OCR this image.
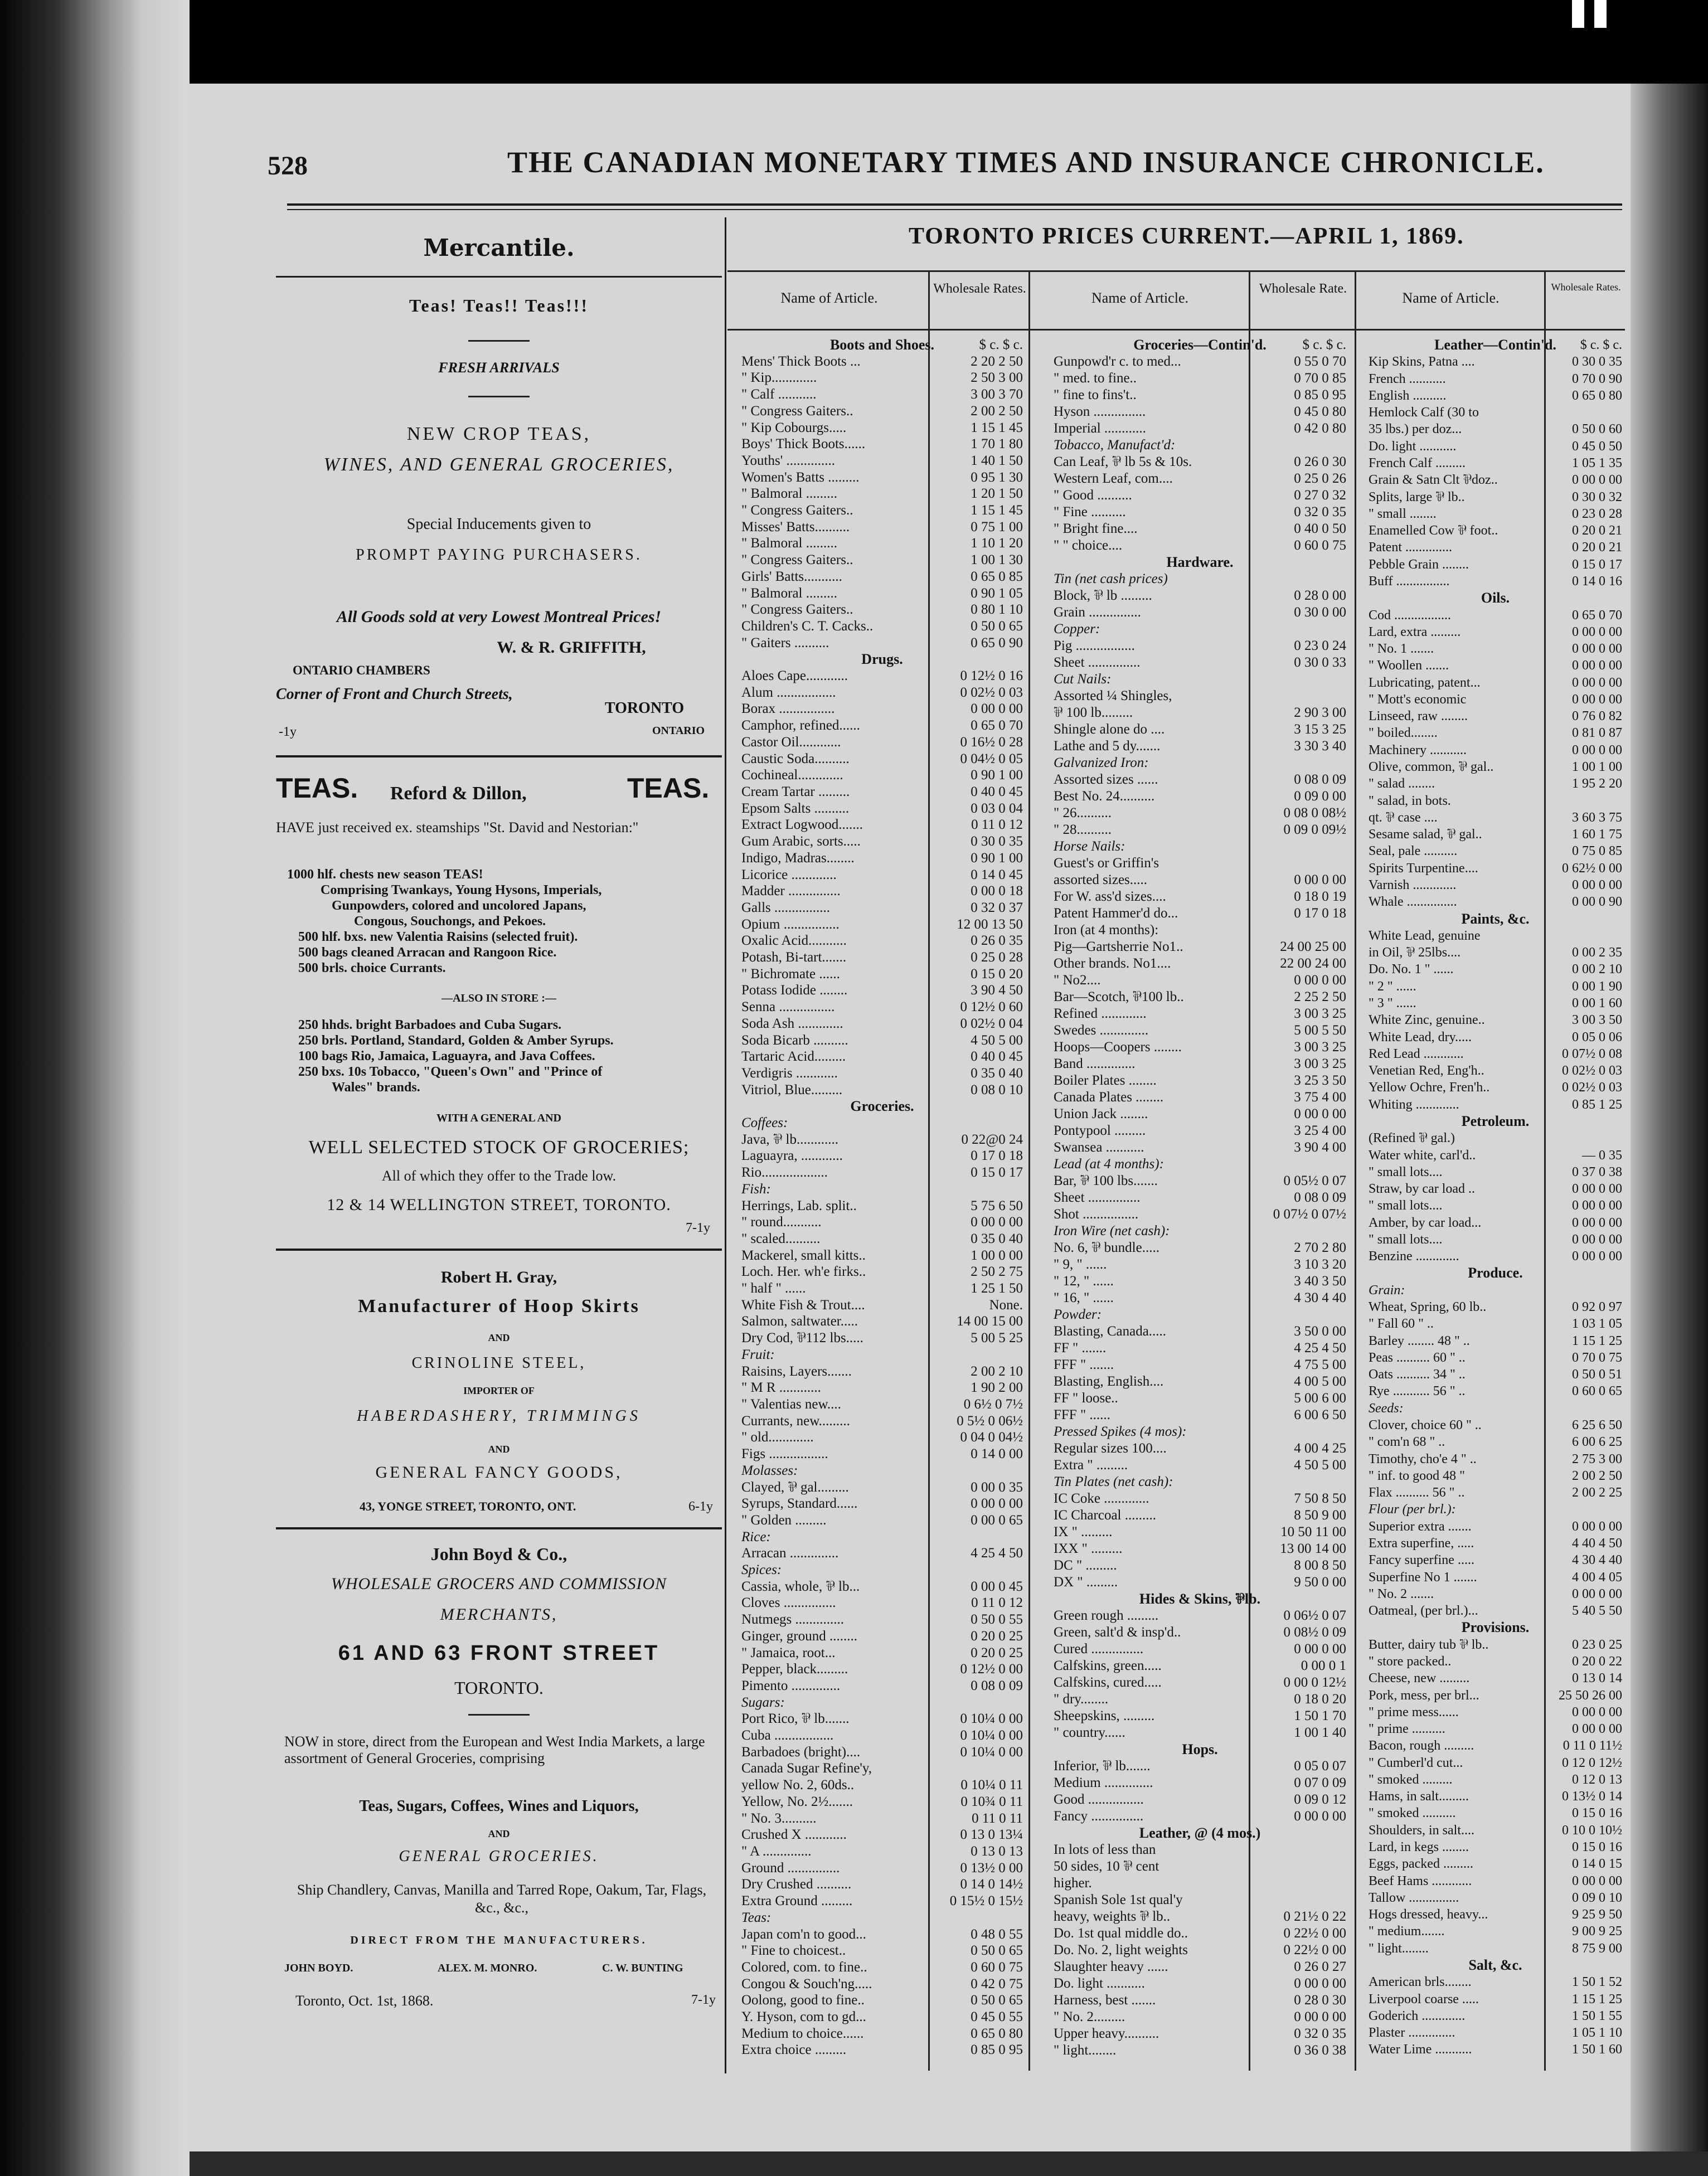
528	THE CANADIAN MONETARY TIMES AND INSURANCE CHRONICLE.
Mercantile.
Teas! Teas!! Teas!!!
FRESH ARRIVALS
NEW CROP TEAS,
WINES, AND GENERAL GROCERIES,
Special Inducements given to
PROMPT PAYING PURCHASERS.
All Goods sold at very Lowest Montreal Prices!
W. & R. GRIFFITH,
ONTARIO CHAMBERS
Corner of Front and Church Streets,
TORONTO
-1y	ONTARIO
TEAS. Reford & Dillon,	TEAS.
HAVE just received ex. steamships "St. David and Nestorian:"
1000 hlf. chests new season TEAS!
Comprising Twankays, Young Hysons, Imperials,
Gunpowders, colored and uncolored Japans,
Congous, Souchongs, and Pekoes.
500 hlf. bxs. new Valentia Raisins (selected fruit).
500 bags cleaned Arracan and Rangoon Rice.
500 brls. choice Currants.
—ALSO IN STORE :—
250 hhds. bright Barbadoes and Cuba Sugars.
250 brls. Portland, Standard, Golden & Amber Syrups.
100 bags Rio, Jamaica, Laguayra, and Java Coffees.
250 bxs. 10s Tobacco, "Queen's Own" and "Prince of
Wales" brands.
WITH A GENERAL AND
WELL SELECTED STOCK OF GROCERIES;
All of which they offer to the Trade low.
12 & 14 WELLINGTON STREET, TORONTO.
7-1y
Robert H. Gray,
Manufacturer of Hoop Skirts
AND
CRINOLINE STEEL,
IMPORTER OF
HABERDASHERY, TRIMMINGS
AND
GENERAL FANCY GOODS,
43, YONGE STREET, TORONTO, ONT.	6-1y
John Boyd & Co.,
WHOLESALE GROCERS AND COMMISSION
MERCHANTS,
61 AND 63 FRONT STREET
TORONTO.
NOW in store, direct from the European and West India Markets, a large assortment of General Groceries, comprising
Teas, Sugars, Coffees, Wines and Liquors,
AND
GENERAL GROCERIES.
Ship Chandlery, Canvas, Manilla and Tarred Rope, Oakum, Tar, Flags, &c., &c.,
DIRECT FROM THE MANUFACTURERS.
JOHN BOYD.	ALEX. M. MONRO.	C. W. BUNTING
Toronto, Oct. 1st, 1868.	7-1y
TORONTO PRICES CURRENT.—APRIL 1, 1869.
Name of Article.
Wholesale Rates.
Name of Article.
Wholesale Rate.
Name of Article.
Wholesale Rates.
Boots and Shoes.	$ c. $ c.
Mens' Thick Boots ...	2 20 2 50
" Kip.............	2 50 3 00
" Calf ...........	3 00 3 70
" Congress Gaiters..	2 00 2 50
" Kip Cobourgs.....	1 15 1 45
Boys' Thick Boots......	1 70 1 80
Youths' ..............	1 40 1 50
Women's Batts .........	0 95 1 30
" Balmoral .........	1 20 1 50
" Congress Gaiters..	1 15 1 45
Misses' Batts..........	0 75 1 00
" Balmoral .........	1 10 1 20
" Congress Gaiters..	1 00 1 30
Girls' Batts...........	0 65 0 85
" Balmoral .........	0 90 1 05
" Congress Gaiters..	0 80 1 10
Children's C. T. Cacks..	0 50 0 65
" Gaiters ..........	0 65 0 90
Drugs.
Aloes Cape............	0 12½ 0 16
Alum .................	0 02½ 0 03
Borax ................	0 00 0 00
Camphor, refined......	0 65 0 70
Castor Oil............	0 16½ 0 28
Caustic Soda..........	0 04½ 0 05
Cochineal.............	0 90 1 00
Cream Tartar .........	0 40 0 45
Epsom Salts ..........	0 03 0 04
Extract Logwood.......	0 11 0 12
Gum Arabic, sorts.....	0 30 0 35
Indigo, Madras........	0 90 1 00
Licorice .............	0 14 0 45
Madder ...............	0 00 0 18
Galls ................	0 32 0 37
Opium ................	12 00 13 50
Oxalic Acid...........	0 26 0 35
Potash, Bi-tart.......	0 25 0 28
" Bichromate ......	0 15 0 20
Potass Iodide ........	3 90 4 50
Senna ................	0 12½ 0 60
Soda Ash .............	0 02½ 0 04
Soda Bicarb ..........	4 50 5 00
Tartaric Acid.........	0 40 0 45
Verdigris ............	0 35 0 40
Vitriol, Blue.........	0 08 0 10
Groceries.
Coffees:
Java, ⅌ lb............	0 22@0 24
Laguayra, ............	0 17 0 18
Rio...................	0 15 0 17
Fish:
Herrings, Lab. split..	5 75 6 50
" round...........	0 00 0 00
" scaled..........	0 35 0 40
Mackerel, small kitts..	1 00 0 00
Loch. Her. wh'e firks..	2 50 2 75
" half " ......	1 25 1 50
White Fish & Trout....	None.
Salmon, saltwater.....	14 00 15 00
Dry Cod, ⅌112 lbs.....	5 00 5 25
Fruit:
Raisins, Layers.......	2 00 2 10
" M R ............	1 90 2 00
" Valentias new....	0 6½ 0 7½
Currants, new.........	0 5½ 0 06½
" old.............	0 04 0 04½
Figs .................	0 14 0 00
Molasses:
Clayed, ⅌ gal.........	0 00 0 35
Syrups, Standard......	0 00 0 00
" Golden .........	0 00 0 65
Rice:
Arracan ..............	4 25 4 50
Spices:
Cassia, whole, ⅌ lb...	0 00 0 45
Cloves ...............	0 11 0 12
Nutmegs ..............	0 50 0 55
Ginger, ground ........	0 20 0 25
" Jamaica, root...	0 20 0 25
Pepper, black.........	0 12½ 0 00
Pimento ..............	0 08 0 09
Sugars:
Port Rico, ⅌ lb.......	0 10¼ 0 00
Cuba .................	0 10¼ 0 00
Barbadoes (bright)....	0 10¼ 0 00
Canada Sugar Refine'y,
yellow No. 2, 60ds..	0 10¼ 0 11
Yellow, No. 2½.......	0 10¾ 0 11
" No. 3..........	0 11 0 11
Crushed X ............	0 13 0 13¼
" A ..............	0 13 0 13
Ground ...............	0 13½ 0 00
Dry Crushed ..........	0 14 0 14½
Extra Ground .........	0 15½ 0 15½
Teas:
Japan com'n to good...	0 48 0 55
" Fine to choicest..	0 50 0 65
Colored, com. to fine..	0 60 0 75
Congou & Souch'ng.....	0 42 0 75
Oolong, good to fine..	0 50 0 65
Y. Hyson, com to gd...	0 45 0 55
Medium to choice......	0 65 0 80
Extra choice .........	0 85 0 95
Groceries—Contin'd.	$ c. $ c.
Gunpowd'r c. to med...	0 55 0 70
" med. to fine..	0 70 0 85
" fine to fins't..	0 85 0 95
Hyson ...............	0 45 0 80
Imperial ............	0 42 0 80
Tobacco, Manufact'd:
Can Leaf, ⅌ lb 5s & 10s.	0 26 0 30
Western Leaf, com....	0 25 0 26
" Good ..........	0 27 0 32
" Fine ..........	0 32 0 35
" Bright fine....	0 40 0 50
" " choice....	0 60 0 75
Hardware.
Tin (net cash prices)
Block, ⅌ lb .........	0 28 0 00
Grain ...............	0 30 0 00
Copper:
Pig .................	0 23 0 24
Sheet ...............	0 30 0 33
Cut Nails:
Assorted ¼ Shingles,
⅌ 100 lb.........	2 90 3 00
Shingle alone do ....	3 15 3 25
Lathe and 5 dy.......	3 30 3 40
Galvanized Iron:
Assorted sizes ......	0 08 0 09
Best No. 24..........	0 09 0 00
" 26..........	0 08 0 08½
" 28..........	0 09 0 09½
Horse Nails:
Guest's or Griffin's
assorted sizes.....	0 00 0 00
For W. ass'd sizes....	0 18 0 19
Patent Hammer'd do...	0 17 0 18
Iron (at 4 months):
Pig—Gartsherrie No1..	24 00 25 00
Other brands. No1....	22 00 24 00
" No2....	0 00 0 00
Bar—Scotch, ⅌100 lb..	2 25 2 50
Refined .............	3 00 3 25
Swedes ..............	5 00 5 50
Hoops—Coopers ........	3 00 3 25
Band ..............	3 00 3 25
Boiler Plates ........	3 25 3 50
Canada Plates ........	3 75 4 00
Union Jack ........	0 00 0 00
Pontypool .........	3 25 4 00
Swansea ...........	3 90 4 00
Lead (at 4 months):
Bar, ⅌ 100 lbs.......	0 05½ 0 07
Sheet ...............	0 08 0 09
Shot ................	0 07½ 0 07½
Iron Wire (net cash):
No. 6, ⅌ bundle.....	2 70 2 80
" 9, " ......	3 10 3 20
" 12, " ......	3 40 3 50
" 16, " ......	4 30 4 40
Powder:
Blasting, Canada.....	3 50 0 00
FF " .......	4 25 4 50
FFF " .......	4 75 5 00
Blasting, English....	4 00 5 00
FF " loose..	5 00 6 00
FFF " ......	6 00 6 50
Pressed Spikes (4 mos):
Regular sizes 100....	4 00 4 25
Extra " .........	4 50 5 00
Tin Plates (net cash):
IC Coke .............	7 50 8 50
IC Charcoal .........	8 50 9 00
IX " .........	10 50 11 00
IXX " .........	13 00 14 00
DC " .........	8 00 8 50
DX " .........	9 50 0 00
Hides & Skins, ⅌lb.
Green rough .........	0 06½ 0 07
Green, salt'd & insp'd..	0 08½ 0 09
Cured ...............	0 00 0 00
Calfskins, green.....	0 00 0 1
Calfskins, cured.....	0 00 0 12½
" dry........	0 18 0 20
Sheepskins, .........	1 50 1 70
" country......	1 00 1 40
Hops.
Inferior, ⅌ lb.......	0 05 0 07
Medium ..............	0 07 0 09
Good ................	0 09 0 12
Fancy ...............	0 00 0 00
Leather, @ (4 mos.)
In lots of less than
50 sides, 10 ⅌ cent
higher.
Spanish Sole 1st qual'y
heavy, weights ⅌ lb..	0 21½ 0 22
Do. 1st qual middle do..	0 22½ 0 00
Do. No. 2, light weights	0 22½ 0 00
Slaughter heavy ......	0 26 0 27
Do. light ...........	0 00 0 00
Harness, best .......	0 28 0 30
" No. 2.........	0 00 0 00
Upper heavy..........	0 32 0 35
" light........	0 36 0 38
Leather—Contin'd. $ c. $ c.
Kip Skins, Patna ....	0 30 0 35
French ...........	0 70 0 90
English ..........	0 65 0 80
Hemlock Calf (30 to
35 lbs.) per doz...	0 50 0 60
Do. light ...........	0 45 0 50
French Calf .........	1 05 1 35
Grain & Satn Clt ⅌doz..	0 00 0 00
Splits, large ⅌ lb..	0 30 0 32
" small ........	0 23 0 28
Enamelled Cow ⅌ foot..	0 20 0 21
Patent ..............	0 20 0 21
Pebble Grain ........	0 15 0 17
Buff ................	0 14 0 16
Oils.
Cod .................	0 65 0 70
Lard, extra .........	0 00 0 00
" No. 1 .......	0 00 0 00
" Woollen .......	0 00 0 00
Lubricating, patent...	0 00 0 00
" Mott's economic	0 00 0 00
Linseed, raw ........	0 76 0 82
" boiled........	0 81 0 87
Machinery ...........	0 00 0 00
Olive, common, ⅌ gal..	1 00 1 00
" salad ........	1 95 2 20
" salad, in bots.
qt. ⅌ case ....	3 60 3 75
Sesame salad, ⅌ gal..	1 60 1 75
Seal, pale ..........	0 75 0 85
Spirits Turpentine....	0 62½ 0 00
Varnish .............	0 00 0 00
Whale ...............	0 00 0 90
Paints, &c.
White Lead, genuine
in Oil, ⅌ 25lbs....	0 00 2 35
Do. No. 1 " ......	0 00 2 10
" 2 " ......	0 00 1 90
" 3 " ......	0 00 1 60
White Zinc, genuine..	3 00 3 50
White Lead, dry.....	0 05 0 06
Red Lead ............	0 07½ 0 08
Venetian Red, Eng'h..	0 02½ 0 03
Yellow Ochre, Fren'h..	0 02½ 0 03
Whiting .............	0 85 1 25
Petroleum.
(Refined ⅌ gal.)
Water white, carl'd..	— 0 35
" small lots....	0 37 0 38
Straw, by car load ..	0 00 0 00
" small lots....	0 00 0 00
Amber, by car load...	0 00 0 00
" small lots....	0 00 0 00
Benzine .............	0 00 0 00
Produce.
Grain:
Wheat, Spring, 60 lb..	0 92 0 97
" Fall 60 " ..	1 03 1 05
Barley ........ 48 " ..	1 15 1 25
Peas .......... 60 " ..	0 70 0 75
Oats .......... 34 " ..	0 50 0 51
Rye ........... 56 " ..	0 60 0 65
Seeds:
Clover, choice 60 " ..	6 25 6 50
" com'n 68 " ..	6 00 6 25
Timothy, cho'e 4 " ..	2 75 3 00
" inf. to good 48 "	2 00 2 50
Flax .......... 56 " ..	2 00 2 25
Flour (per brl.):
Superior extra .......	0 00 0 00
Extra superfine, .....	4 40 4 50
Fancy superfine .....	4 30 4 40
Superfine No 1 .......	4 00 4 05
" No. 2 .......	0 00 0 00
Oatmeal, (per brl.)...	5 40 5 50
Provisions.
Butter, dairy tub ⅌ lb..	0 23 0 25
" store packed..	0 20 0 22
Cheese, new .........	0 13 0 14
Pork, mess, per brl...	25 50 26 00
" prime mess......	0 00 0 00
" prime ..........	0 00 0 00
Bacon, rough .........	0 11 0 11½
" Cumberl'd cut...	0 12 0 12½
" smoked .........	0 12 0 13
Hams, in salt.........	0 13½ 0 14
" smoked ..........	0 15 0 16
Shoulders, in salt....	0 10 0 10½
Lard, in kegs ........	0 15 0 16
Eggs, packed .........	0 14 0 15
Beef Hams ............	0 00 0 00
Tallow ...............	0 09 0 10
Hogs dressed, heavy...	9 25 9 50
" medium.......	9 00 9 25
" light........	8 75 9 00
Salt, &c.
American brls........	1 50 1 52
Liverpool coarse .....	1 15 1 25
Goderich .............	1 50 1 55
Plaster ..............	1 05 1 10
Water Lime ...........	1 50 1 60
